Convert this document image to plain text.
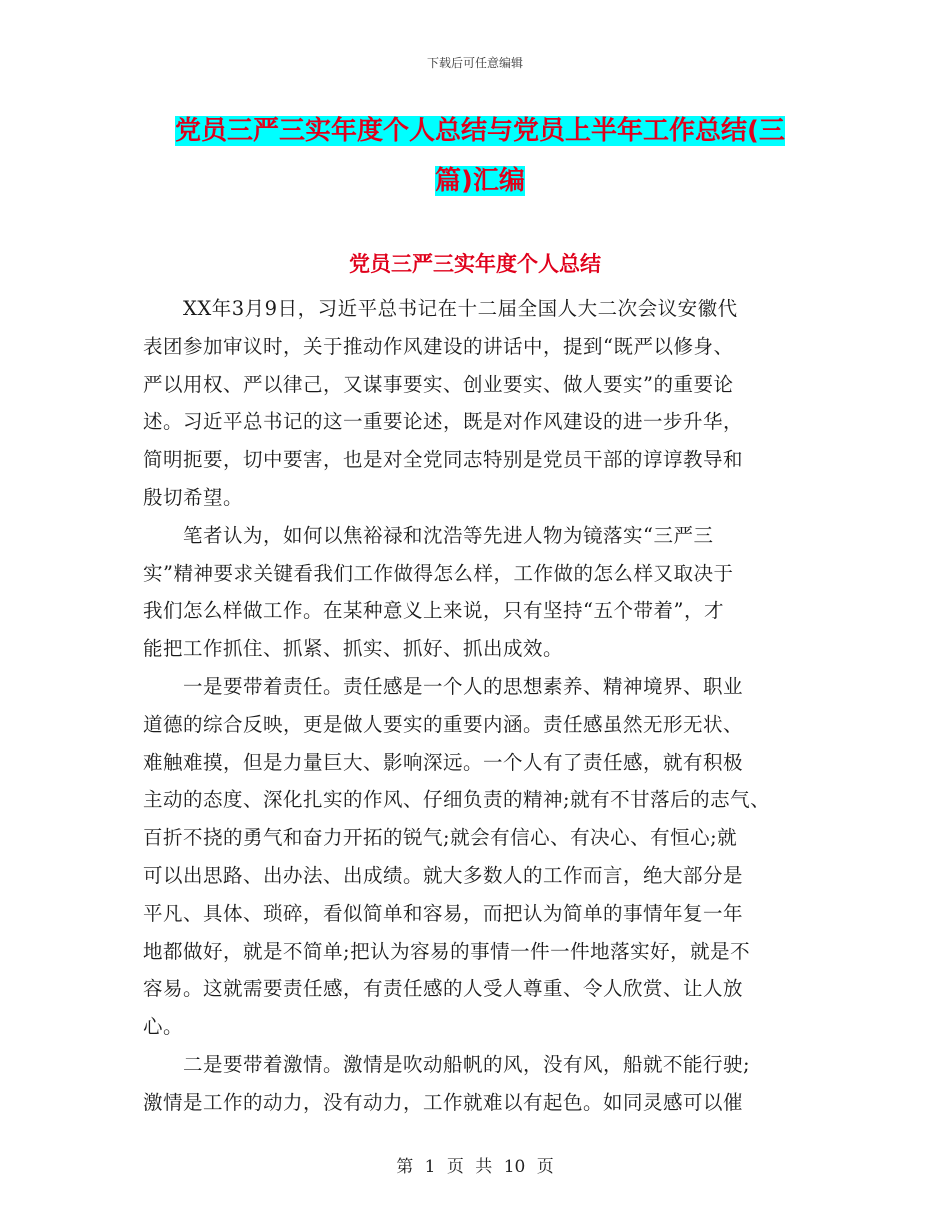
下载后可任意编辑
党员三严三实年度个人总结与党员上半年工作总结(三
篇)汇编
党员三严三实年度个人总结
　　XX年3月9日，习近平总书记在十二届全国人大二次会议安徽代
表团参加审议时，关于推动作风建设的讲话中，提到“既严以修身、
严以用权、严以律己，又谋事要实、创业要实、做人要实”的重要论
述。习近平总书记的这一重要论述，既是对作风建设的进一步升华，
简明扼要，切中要害，也是对全党同志特别是党员干部的谆谆教导和
殷切希望。
　　笔者认为，如何以焦裕禄和沈浩等先进人物为镜落实“三严三
实”精神要求关键看我们工作做得怎么样，工作做的怎么样又取决于
我们怎么样做工作。在某种意义上来说，只有坚持“五个带着”，才
能把工作抓住、抓紧、抓实、抓好、抓出成效。
　　一是要带着责任。责任感是一个人的思想素养、精神境界、职业
道德的综合反映，更是做人要实的重要内涵。责任感虽然无形无状、
难触难摸，但是力量巨大、影响深远。一个人有了责任感，就有积极
主动的态度、深化扎实的作风、仔细负责的精神;就有不甘落后的志气、
百折不挠的勇气和奋力开拓的锐气;就会有信心、有决心、有恒心;就
可以出思路、出办法、出成绩。就大多数人的工作而言，绝大部分是
平凡、具体、琐碎，看似简单和容易，而把认为简单的事情年复一年
地都做好，就是不简单;把认为容易的事情一件一件地落实好，就是不
容易。这就需要责任感，有责任感的人受人尊重、令人欣赏、让人放
心。
　　二是要带着激情。激情是吹动船帆的风，没有风，船就不能行驶;
激情是工作的动力，没有动力，工作就难以有起色。如同灵感可以催
第 1 页 共 10 页
